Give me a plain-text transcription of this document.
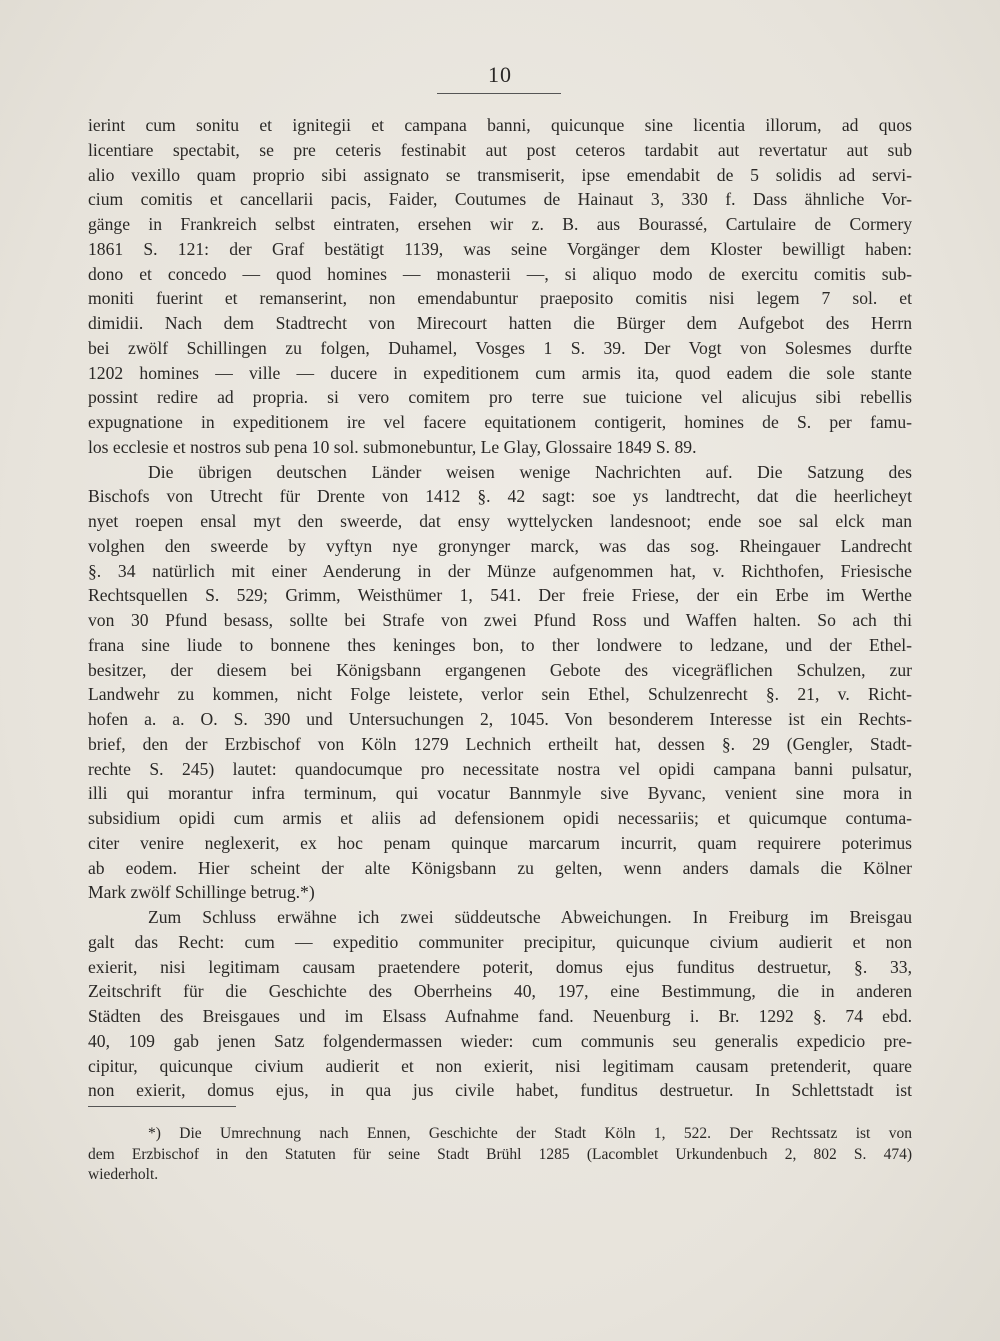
10
ierint cum sonitu et ignitegii et campana banni, quicunque sine licentia illorum, ad quos
licentiare spectabit, se pre ceteris festinabit aut post ceteros tardabit aut revertatur aut sub
alio vexillo quam proprio sibi assignato se transmiserit, ipse emendabit de 5 solidis ad servi-
cium comitis et cancellarii pacis, Faider, Coutumes de Hainaut 3, 330 f. Dass ähnliche Vor-
gänge in Frankreich selbst eintraten, ersehen wir z. B. aus Bourassé, Cartulaire de Cormery
1861 S. 121: der Graf bestätigt 1139, was seine Vorgänger dem Kloster bewilligt haben:
dono et concedo — quod homines — monasterii —, si aliquo modo de exercitu comitis sub-
moniti fuerint et remanserint, non emendabuntur praeposito comitis nisi legem 7 sol. et
dimidii. Nach dem Stadtrecht von Mirecourt hatten die Bürger dem Aufgebot des Herrn
bei zwölf Schillingen zu folgen, Duhamel, Vosges 1 S. 39. Der Vogt von Solesmes durfte
1202 homines — ville — ducere in expeditionem cum armis ita, quod eadem die sole stante
possint redire ad propria. si vero comitem pro terre sue tuicione vel alicujus sibi rebellis
expugnatione in expeditionem ire vel facere equitationem contigerit, homines de S. per famu-
los ecclesie et nostros sub pena 10 sol. submonebuntur, Le Glay, Glossaire 1849 S. 89.
Die übrigen deutschen Länder weisen wenige Nachrichten auf. Die Satzung des
Bischofs von Utrecht für Drente von 1412 §. 42 sagt: soe ys landtrecht, dat die heerlicheyt
nyet roepen ensal myt den sweerde, dat ensy wyttelycken landesnoot; ende soe sal elck man
volghen den sweerde by vyftyn nye gronynger marck, was das sog. Rheingauer Landrecht
§. 34 natürlich mit einer Aenderung in der Münze aufgenommen hat, v. Richthofen, Friesische
Rechtsquellen S. 529; Grimm, Weisthümer 1, 541. Der freie Friese, der ein Erbe im Werthe
von 30 Pfund besass, sollte bei Strafe von zwei Pfund Ross und Waffen halten. So ach thi
frana sine liude to bonnene thes keninges bon, to ther londwere to ledzane, und der Ethel-
besitzer, der diesem bei Königsbann ergangenen Gebote des vicegräflichen Schulzen, zur
Landwehr zu kommen, nicht Folge leistete, verlor sein Ethel, Schulzenrecht §. 21, v. Richt-
hofen a. a. O. S. 390 und Untersuchungen 2, 1045. Von besonderem Interesse ist ein Rechts-
brief, den der Erzbischof von Köln 1279 Lechnich ertheilt hat, dessen §. 29 (Gengler, Stadt-
rechte S. 245) lautet: quandocumque pro necessitate nostra vel opidi campana banni pulsatur,
illi qui morantur infra terminum, qui vocatur Bannmyle sive Byvanc, venient sine mora in
subsidium opidi cum armis et aliis ad defensionem opidi necessariis; et quicumque contuma-
citer venire neglexerit, ex hoc penam quinque marcarum incurrit, quam requirere poterimus
ab eodem. Hier scheint der alte Königsbann zu gelten, wenn anders damals die Kölner
Mark zwölf Schillinge betrug.*)
Zum Schluss erwähne ich zwei süddeutsche Abweichungen. In Freiburg im Breisgau
galt das Recht: cum — expeditio communiter precipitur, quicunque civium audierit et non
exierit, nisi legitimam causam praetendere poterit, domus ejus funditus destruetur, §. 33,
Zeitschrift für die Geschichte des Oberrheins 40, 197, eine Bestimmung, die in anderen
Städten des Breisgaues und im Elsass Aufnahme fand. Neuenburg i. Br. 1292 §. 74 ebd.
40, 109 gab jenen Satz folgendermassen wieder: cum communis seu generalis expedicio pre-
cipitur, quicunque civium audierit et non exierit, nisi legitimam causam pretenderit, quare
non exierit, domus ejus, in qua jus civile habet, funditus destruetur. In Schlettstadt ist
*) Die Umrechnung nach Ennen, Geschichte der Stadt Köln 1, 522. Der Rechtssatz ist von
dem Erzbischof in den Statuten für seine Stadt Brühl 1285 (Lacomblet Urkundenbuch 2, 802 S. 474)
wiederholt.
